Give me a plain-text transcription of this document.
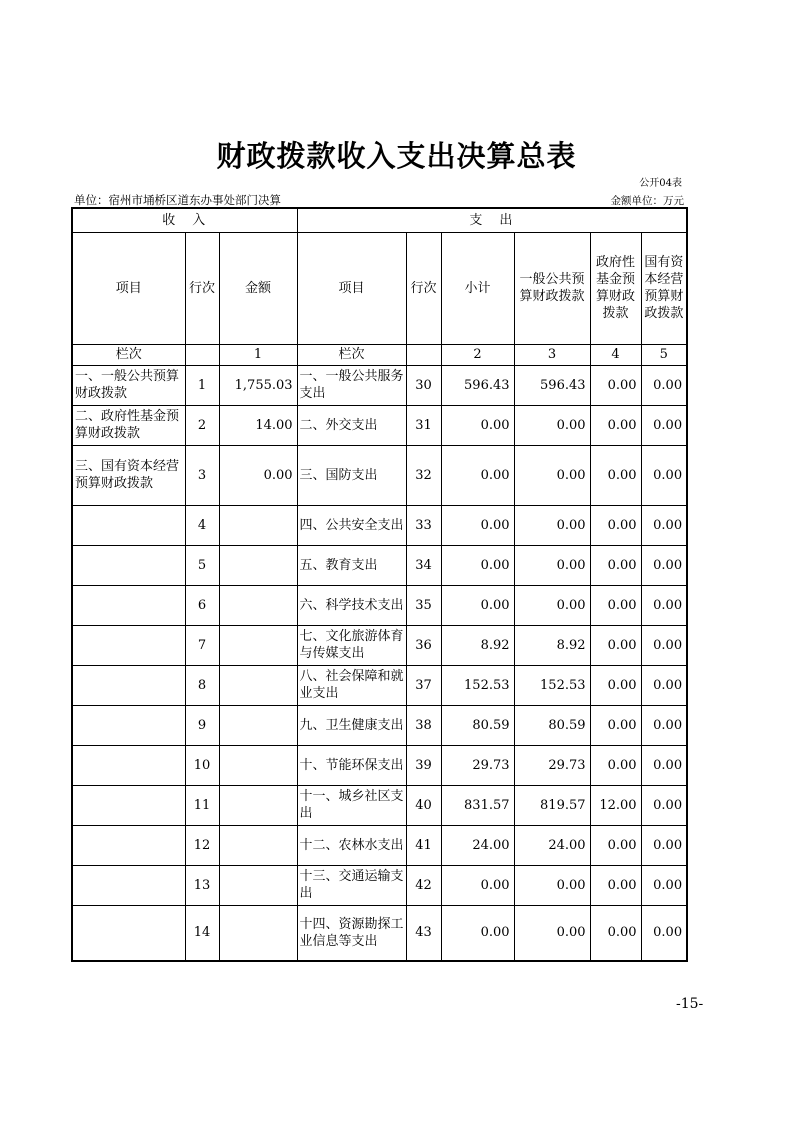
财政拨款收入支出决算总表
公开04表
单位：宿州市埇桥区道东办事处部门决算	金额单位：万元
收　入			支　出					
项目	行次	金额	项目	行次	小计	一般公共预算财政拨款	政府性基金预算财政拨款	国有资本经营预算财政拨款
栏次		1	栏次		2	3	4	5
一、一般公共预算财政拨款	1	1,755.03	一、一般公共服务支出	30	596.43	596.43	0.00	0.00
二、政府性基金预算财政拨款	2	14.00	二、外交支出	31	0.00	0.00	0.00	0.00
三、国有资本经营预算财政拨款	3	0.00	三、国防支出	32	0.00	0.00	0.00	0.00
	4		四、公共安全支出	33	0.00	0.00	0.00	0.00
	5		五、教育支出	34	0.00	0.00	0.00	0.00
	6		六、科学技术支出	35	0.00	0.00	0.00	0.00
	7		七、文化旅游体育与传媒支出	36	8.92	8.92	0.00	0.00
	8		八、社会保障和就业支出	37	152.53	152.53	0.00	0.00
	9		九、卫生健康支出	38	80.59	80.59	0.00	0.00
	10		十、节能环保支出	39	29.73	29.73	0.00	0.00
	11		十一、城乡社区支出	40	831.57	819.57	12.00	0.00
	12		十二、农林水支出	41	24.00	24.00	0.00	0.00
	13		十三、交通运输支出	42	0.00	0.00	0.00	0.00
	14		十四、资源勘探工业信息等支出	43	0.00	0.00	0.00	0.00
-15-
